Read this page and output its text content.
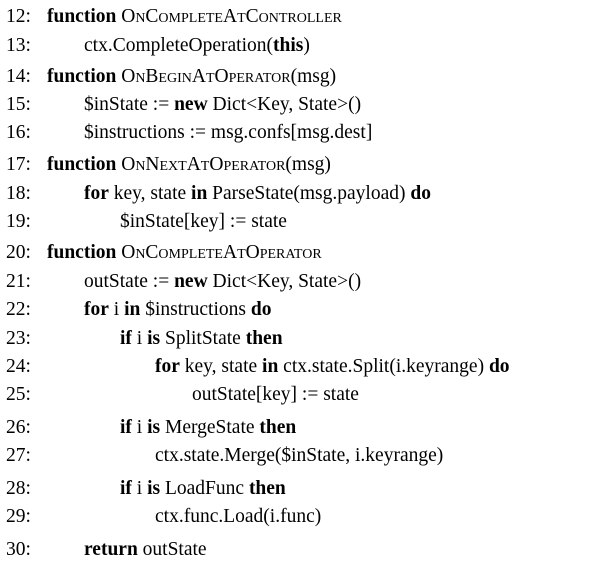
12: function OnCompleteAtController
13:	ctx.CompleteOperation(this)
14: function OnBeginAtOperator(msg)
15:	$inState := new Dict<Key, State>()
16:	$instructions := msg.confs[msg.dest]
17: function OnNextAtOperator(msg)
18:	for key, state in ParseState(msg.payload) do
19:	$inState[key] := state
20: function OnCompleteAtOperator
21:	outState := new Dict<Key, State>()
22:	for i in $instructions do
23:	if i is SplitState then
24:	for key, state in ctx.state.Split(i.keyrange) do
25:	outState[key] := state
26:	if i is MergeState then
27:	ctx.state.Merge($inState, i.keyrange)
28:	if i is LoadFunc then
29:	ctx.func.Load(i.func)
30:	return outState
